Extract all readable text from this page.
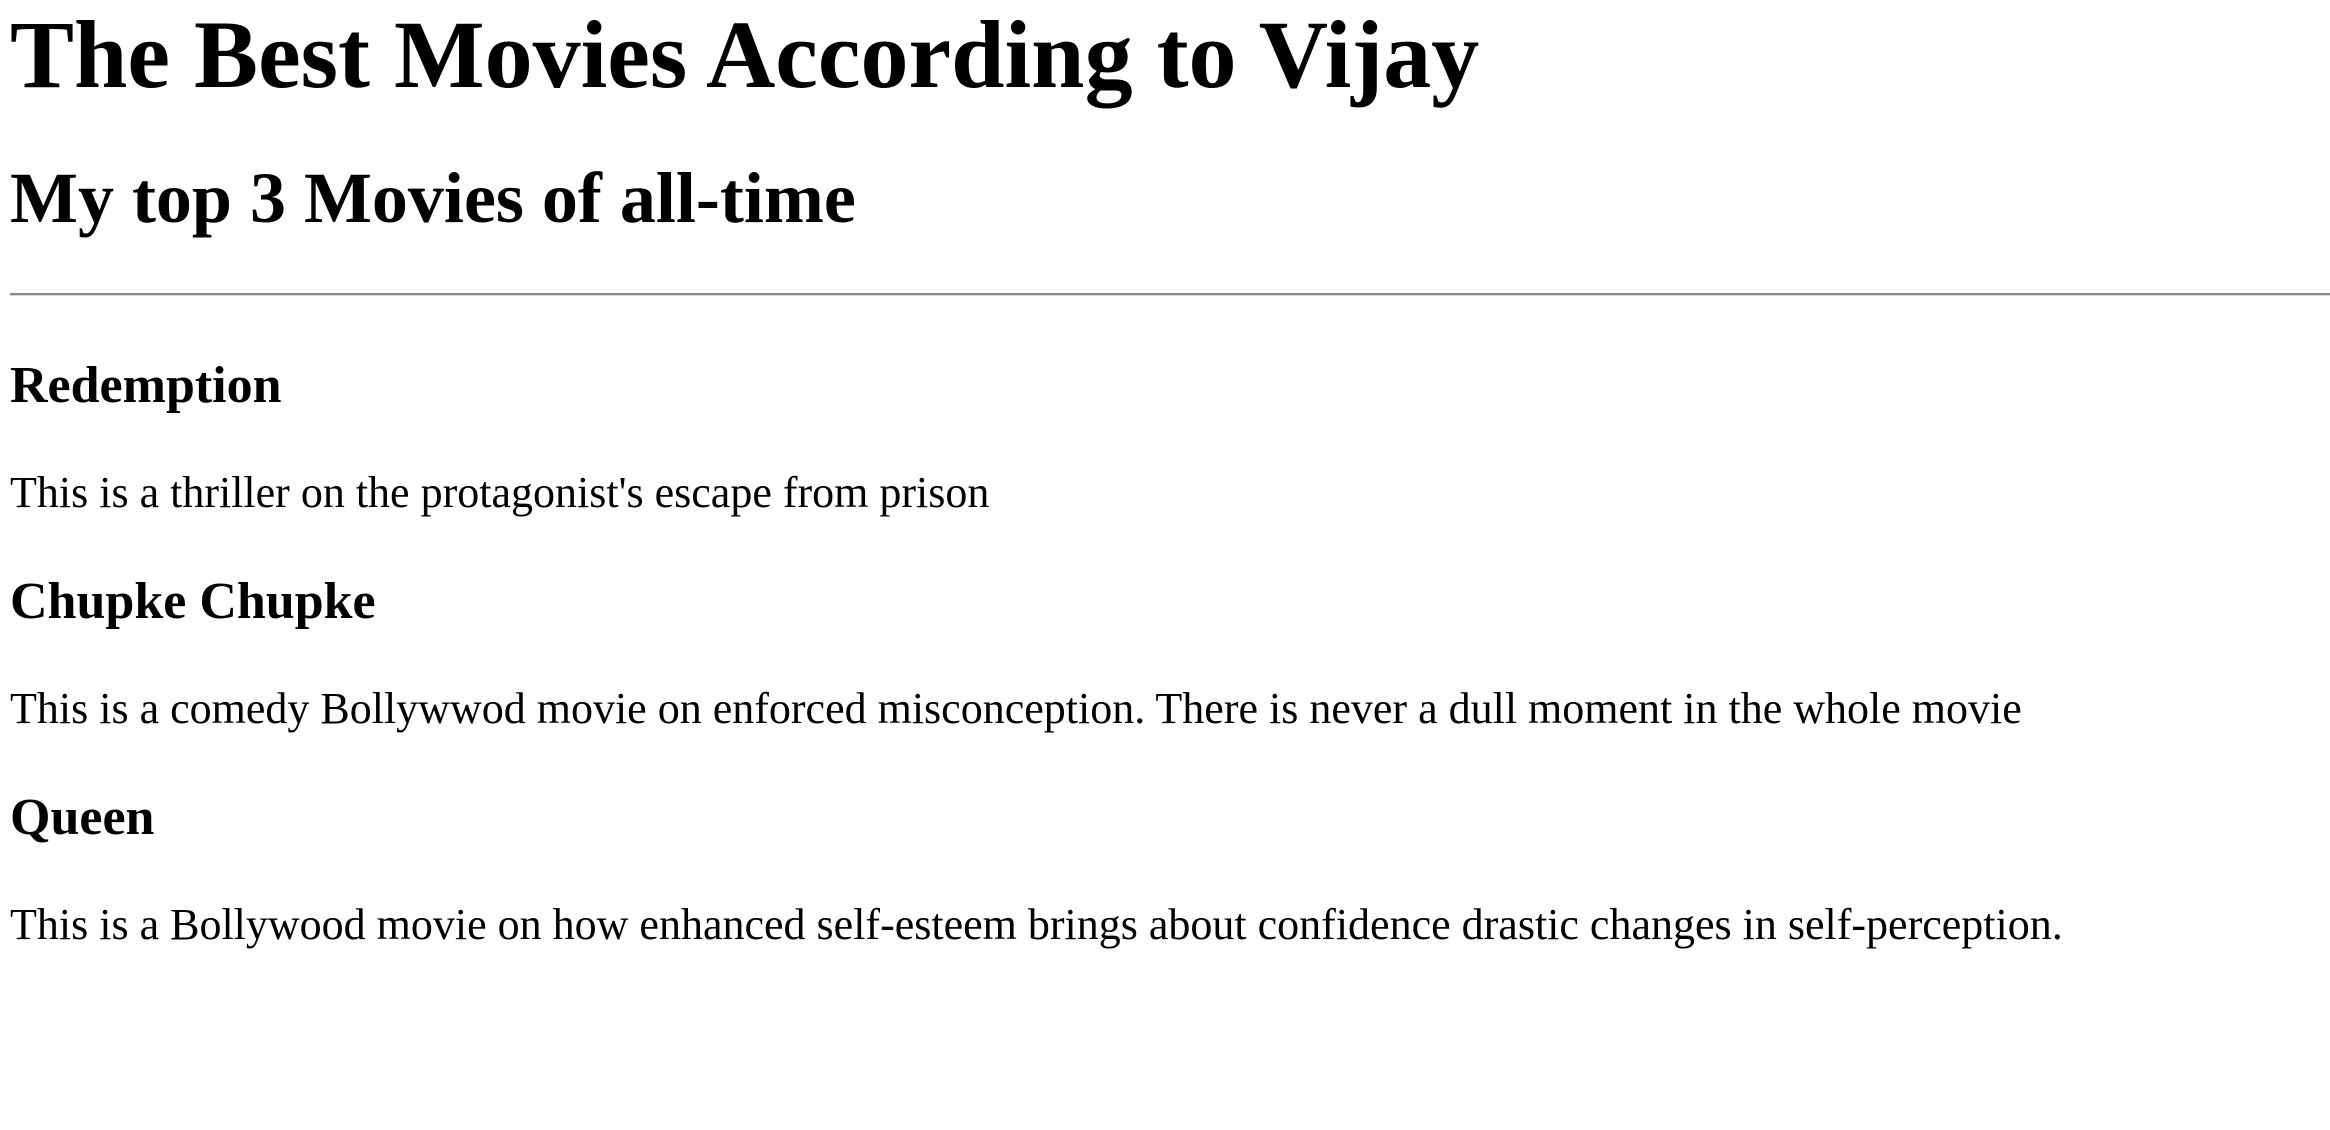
The Best Movies According to Vijay
My top 3 Movies of all-time
Redemption

This is a thriller on the protagonist's escape from prison

Chupke Chupke

This is a comedy Bollywwod movie on enforced misconception. There is never a dull moment in the whole movie

Queen

This is a Bollywood movie on how enhanced self-esteem brings about confidence drastic changes in self-perception.
